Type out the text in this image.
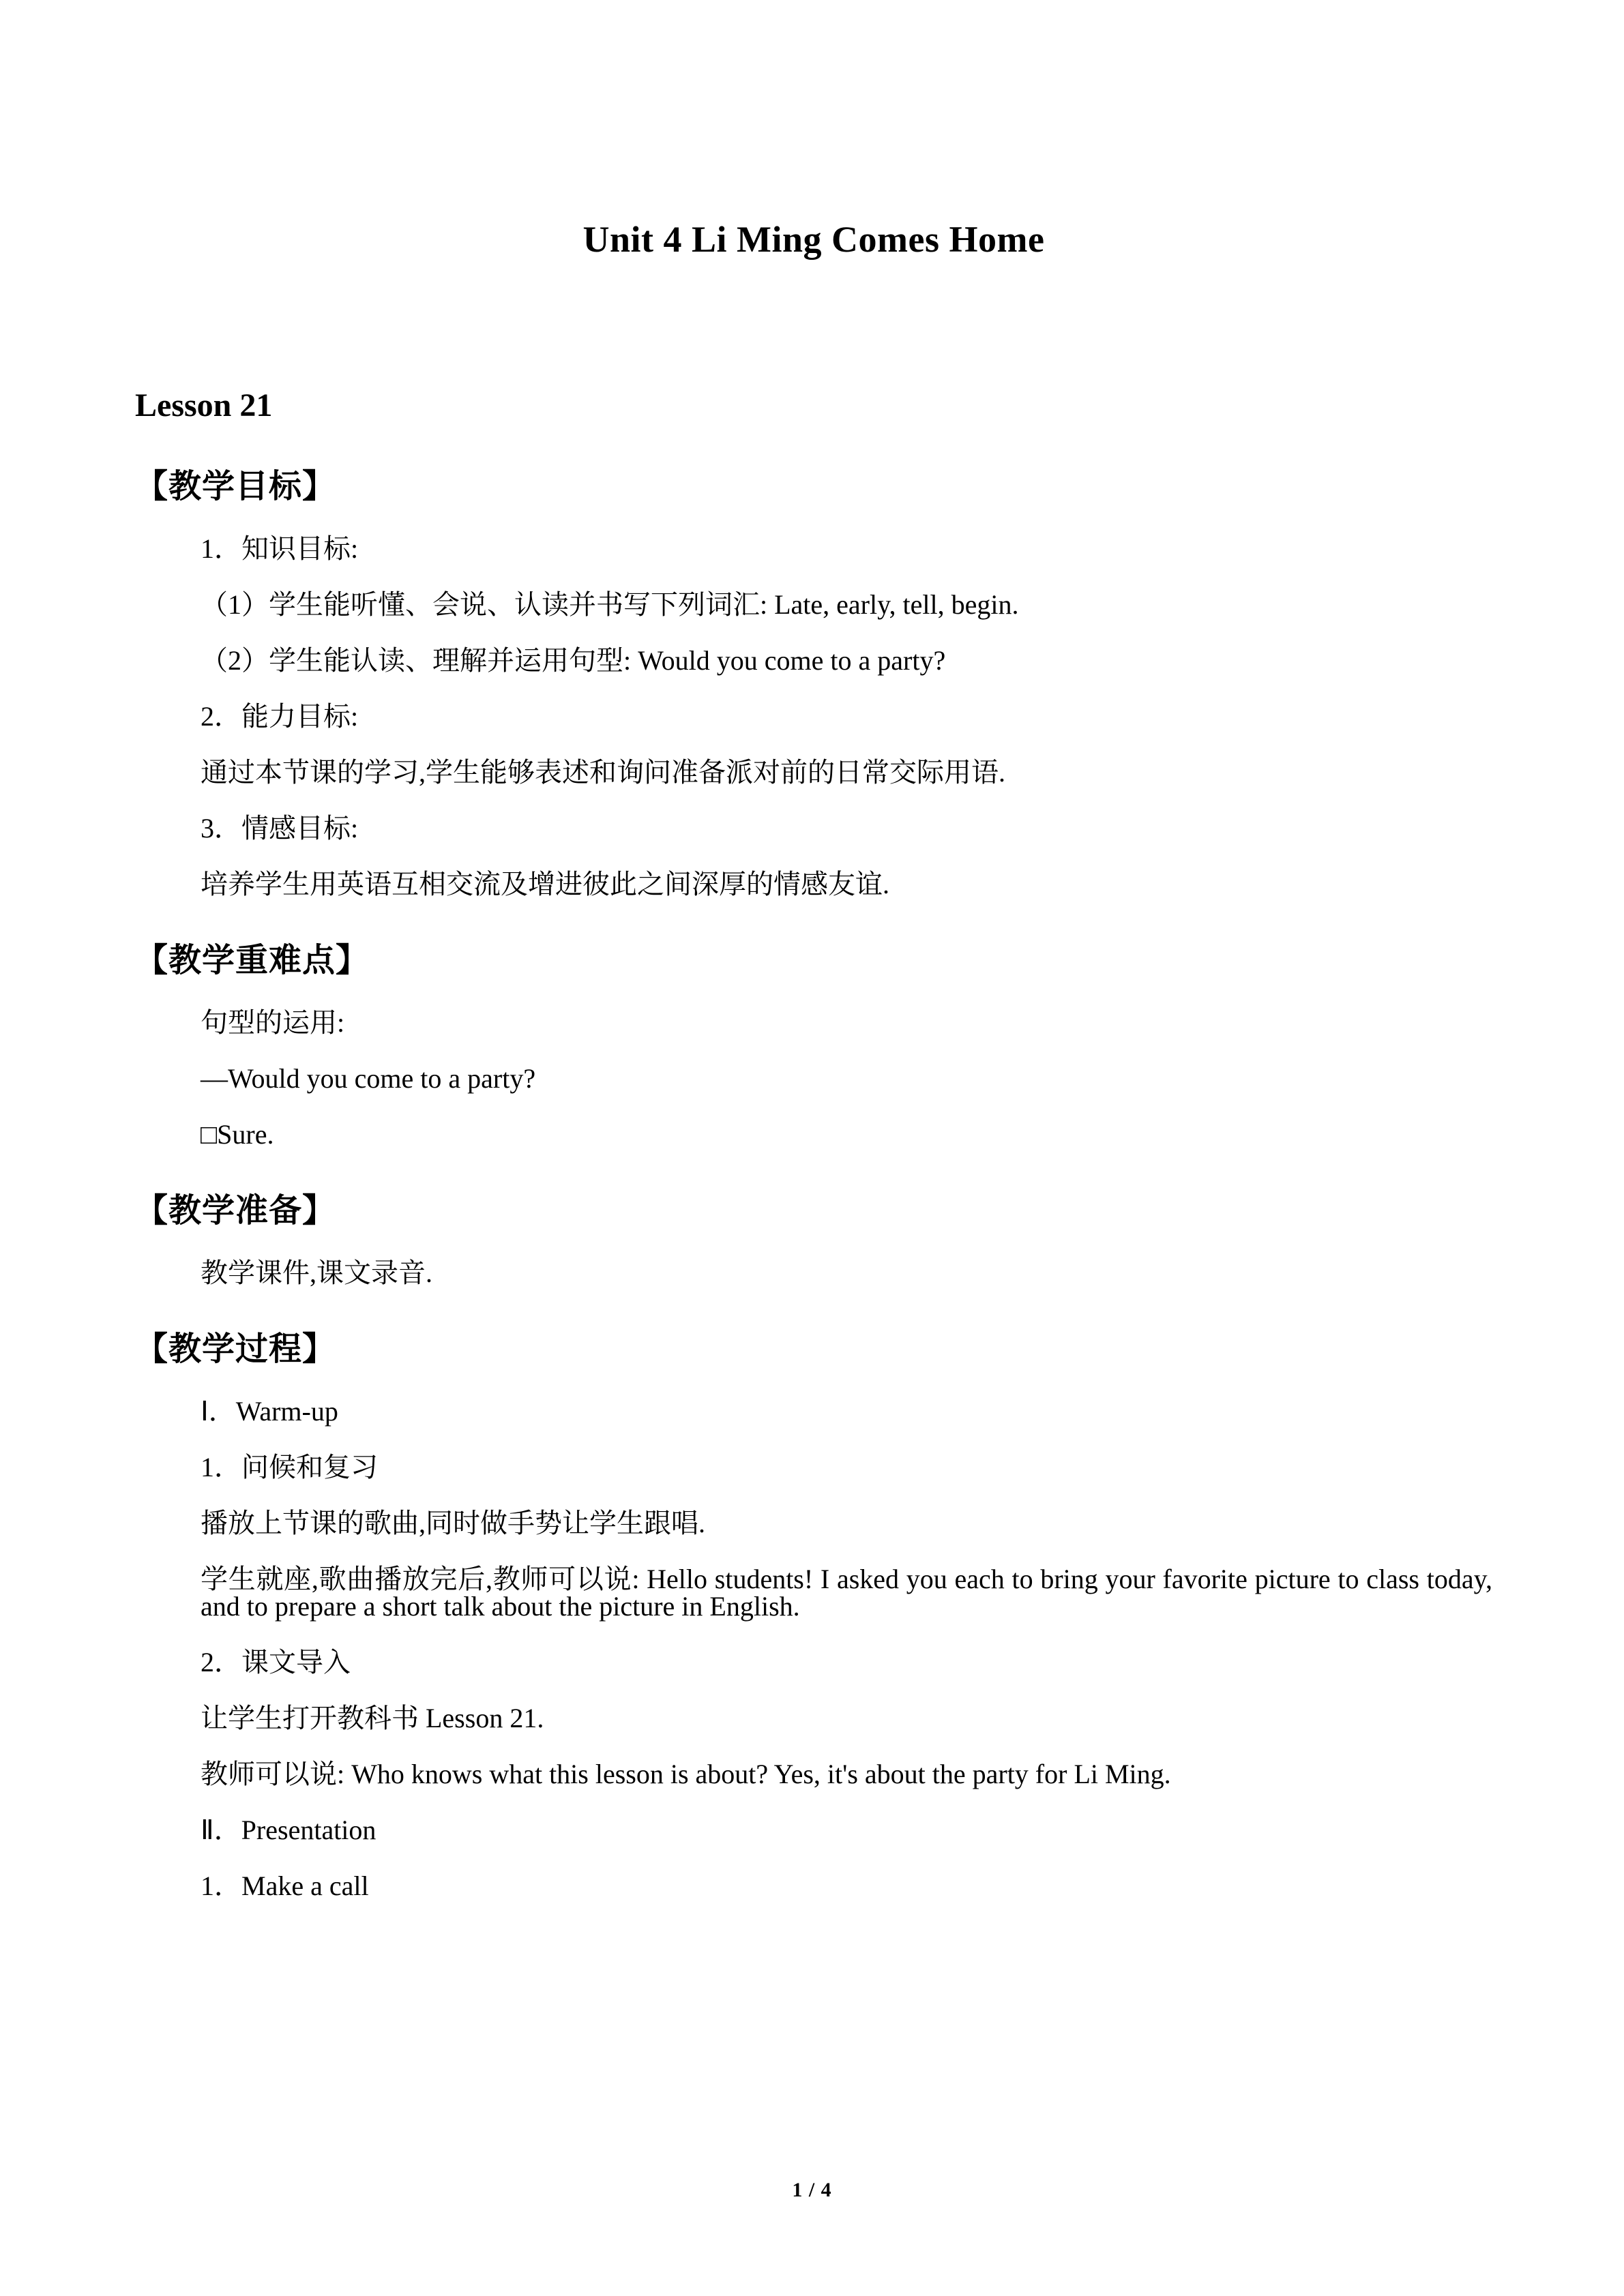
Unit 4 Li Ming Comes Home
Lesson 21
【教学目标】
1．知识目标:
（1）学生能听懂、会说、认读并书写下列词汇: Late, early, tell, begin.
（2）学生能认读、理解并运用句型: Would you come to a party?
2．能力目标:
通过本节课的学习,学生能够表述和询问准备派对前的日常交际用语.
3．情感目标:
培养学生用英语互相交流及增进彼此之间深厚的情感友谊.
【教学重难点】
句型的运用:
—Would you come to a party?
□Sure.
【教学准备】
教学课件,课文录音.
【教学过程】
Ⅰ．Warm-up
1．问候和复习
播放上节课的歌曲,同时做手势让学生跟唱.
学生就座,歌曲播放完后,教师可以说: Hello students! I asked you each to bring your favorite picture to class today, and to prepare a short talk about the picture in English.
2．课文导入
让学生打开教科书 Lesson 21.
教师可以说: Who knows what this lesson is about? Yes, it's about the party for Li Ming.
Ⅱ．Presentation
1．Make a call
1 / 4
